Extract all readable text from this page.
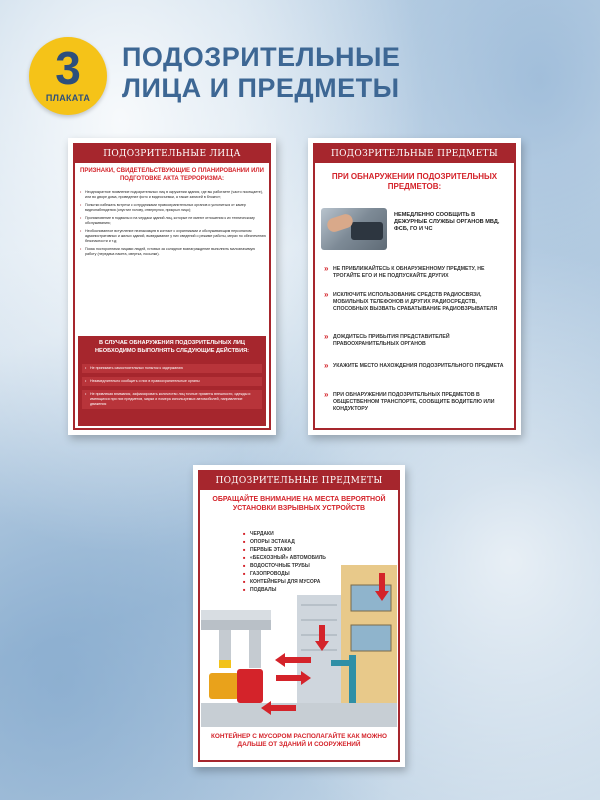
3
ПЛАКАТА
ПОДОЗРИТЕЛЬНЫЕ
ЛИЦА И ПРЕДМЕТЫ
ПОДОЗРИТЕЛЬНЫЕ ЛИЦА
ПРИЗНАКИ, СВИДЕТЕЛЬСТВУЮЩИЕ О ПЛАНИРОВАНИИ ИЛИ ПОДГОТОВКЕ АКТА ТЕРРОРИЗМА:
• Неоднократное появление подозрительных лиц в окружении здания, где вы работаете (часто посещаете), или во дворе дома, проведение фото и видеосъемки, а также записей в блокнот;
• Попытки избежать встречи с сотрудниками правоохранительных органов и уклониться от камер видеонаблюдения (опустил голову, отвернулся, прикрыл лицо);
• Проникновение в подвалы и на чердаки зданий лиц, которые не имеют отношения к их техническому обслуживанию;
• Необоснованное вступление незнакомцев в контакт с охранниками и обслуживающим персоналом административных и жилых зданий, выведывание у них сведений о режиме работы, мерах по обеспечению безопасности и т.д;
• Поиск посторонними лицами людей, готовых за солидное вознаграждение выполнить малозначимую работу (передача пакета, свертка, посылки).
В СЛУЧАЕ ОБНАРУЖЕНИЯ ПОДОЗРИТЕЛЬНЫХ ЛИЦ НЕОБХОДИМО ВЫПОЛНЯТЬ СЛЕДУЮЩИЕ ДЕЙСТВИЯ:
• Не принимать самостоятельных попыток к задержанию
• Незамедлительно сообщить о них в правоохранительные органы
• Не привлекая внимания, зафиксировать количество лиц точные приметы внешности, одежды и имеющихся при них предметов, марки и номера используемых автомобилей, направление движения
ПОДОЗРИТЕЛЬНЫЕ ПРЕДМЕТЫ
ПРИ ОБНАРУЖЕНИИ ПОДОЗРИТЕЛЬНЫХ ПРЕДМЕТОВ:
НЕМЕДЛЕННО СООБЩИТЬ В ДЕЖУРНЫЕ СЛУЖБЫ ОРГАНОВ МВД, ФСБ, ГО И ЧС
» НЕ ПРИБЛИЖАЙТЕСЬ К ОБНАРУЖЕННОМУ ПРЕДМЕТУ, НЕ ТРОГАЙТЕ ЕГО И НЕ ПОДПУСКАЙТЕ ДРУГИХ
» ИСКЛЮЧИТЕ ИСПОЛЬЗОВАНИЕ СРЕДСТВ РАДИОСВЯЗИ, МОБИЛЬНЫХ ТЕЛЕФОНОВ И ДРУГИХ РАДИОСРЕДСТВ, СПОСОБНЫХ ВЫЗВАТЬ СРАБАТЫВАНИЕ РАДИОВЗРЫВАТЕЛЯ
» ДОЖДИТЕСЬ ПРИБЫТИЯ ПРЕДСТАВИТЕЛЕЙ ПРАВООХРАНИТЕЛЬНЫХ ОРГАНОВ
» УКАЖИТЕ МЕСТО НАХОЖДЕНИЯ ПОДОЗРИТЕЛЬНОГО ПРЕДМЕТА
» ПРИ ОБНАРУЖЕНИИ ПОДОЗРИТЕЛЬНЫХ ПРЕДМЕТОВ В ОБЩЕСТВЕННОМ ТРАНСПОРТЕ, СООБЩИТЕ ВОДИТЕЛЮ ИЛИ КОНДУКТОРУ
ПОДОЗРИТЕЛЬНЫЕ ПРЕДМЕТЫ
ОБРАЩАЙТЕ ВНИМАНИЕ НА МЕСТА ВЕРОЯТНОЙ УСТАНОВКИ ВЗРЫВНЫХ УСТРОЙСТВ
■ ЧЕРДАКИ
■ ОПОРЫ ЭСТАКАД
■ ПЕРВЫЕ ЭТАЖИ
■ «БЕСХОЗНЫЙ» АВТОМОБИЛЬ
■ ВОДОСТОЧНЫЕ ТРУБЫ
■ ГАЗОПРОВОДЫ
■ КОНТЕЙНЕРЫ ДЛЯ МУСОРА
■ ПОДВАЛЫ
КОНТЕЙНЕР С МУСОРОМ РАСПОЛАГАЙТЕ КАК МОЖНО ДАЛЬШЕ ОТ ЗДАНИЙ И СООРУЖЕНИЙ
